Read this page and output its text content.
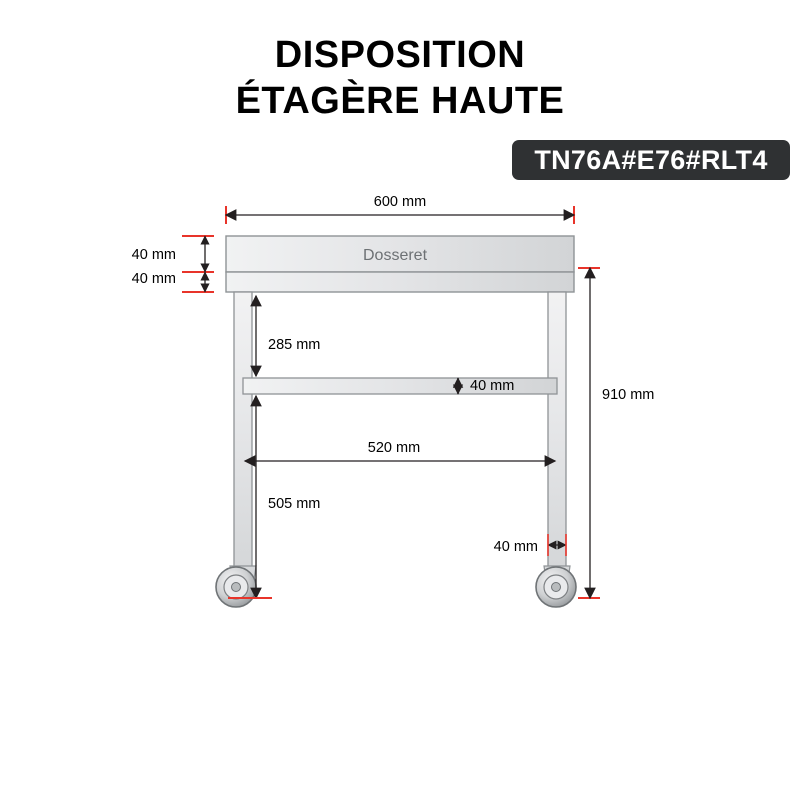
DISPOSITION
ÉTAGÈRE HAUTE
TN76A#E76#RLT4
Dosseret
600 mm
40 mm
40 mm
285 mm
40 mm
520 mm
505 mm
40 mm
910 mm
